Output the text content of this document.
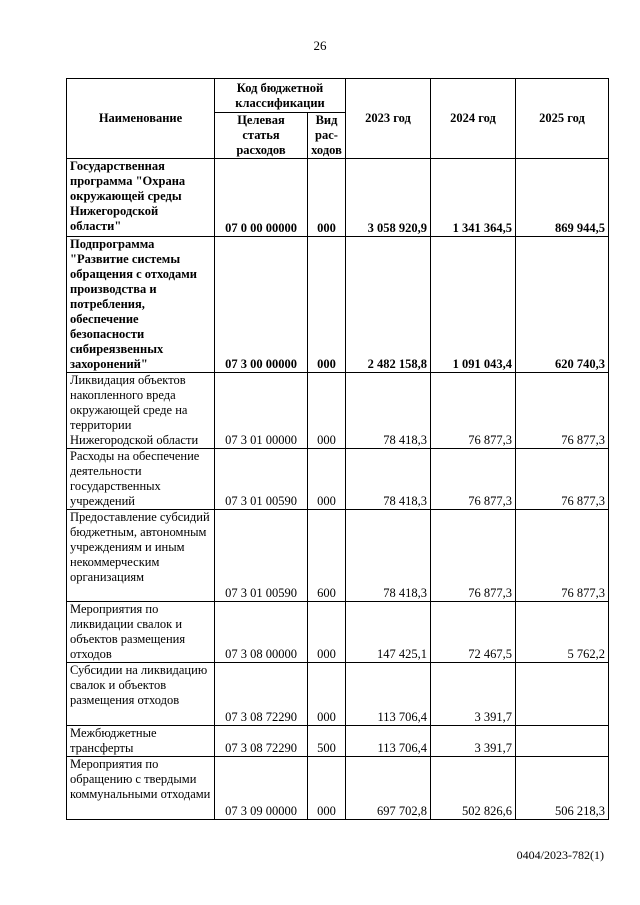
26
Наименование	Код бюджетной классификации		2023 год	2024 год	2025 год
	Целевая статья расходов	Вид рас-ходов			
Государственная программа "Охрана окружающей среды Нижегородской области"	07 0 00 00000	000	3 058 920,9	1 341 364,5	869 944,5
Подпрограмма "Развитие системы обращения с отходами производства и потребления, обеспечение безопасности сибиреязвенных захоронений"	07 3 00 00000	000	2 482 158,8	1 091 043,4	620 740,3
Ликвидация объектов накопленного вреда окружающей среде на территории Нижегородской области	07 3 01 00000	000	78 418,3	76 877,3	76 877,3
Расходы на обеспечение деятельности государственных учреждений	07 3 01 00590	000	78 418,3	76 877,3	76 877,3
Предоставление субсидий бюджетным, автономным учреждениям и иным некоммерческим организациям	07 3 01 00590	600	78 418,3	76 877,3	76 877,3
Мероприятия по ликвидации свалок и объектов размещения отходов	07 3 08 00000	000	147 425,1	72 467,5	5 762,2
Субсидии на ликвидацию свалок и объектов размещения отходов	07 3 08 72290	000	113 706,4	3 391,7	
Межбюджетные трансферты	07 3 08 72290	500	113 706,4	3 391,7	
Мероприятия по обращению с твердыми коммунальными отходами	07 3 09 00000	000	697 702,8	502 826,6	506 218,3
0404/2023-782(1)
